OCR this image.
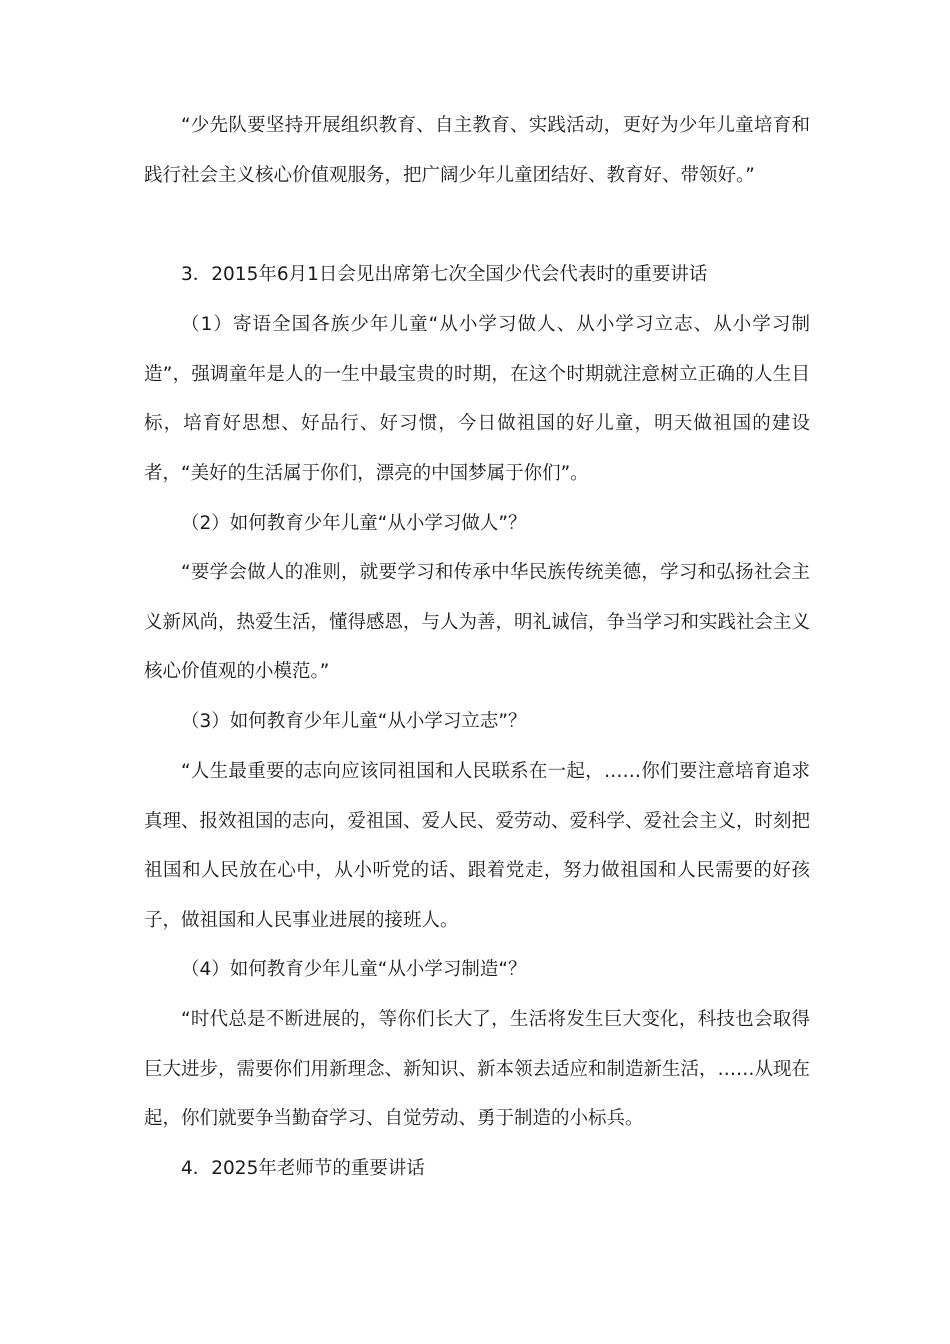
“少先队要坚持开展组织教育、自主教育、实践活动，更好为少年儿童培育和践行社会主义核心价值观服务，把广阔少年儿童团结好、教育好、带领好。”

3．2015年6月1日会见出席第七次全国少代会代表时的重要讲话

（1）寄语全国各族少年儿童“从小学习做人、从小学习立志、从小学习制造”，强调童年是人的一生中最宝贵的时期，在这个时期就注意树立正确的人生目标，培育好思想、好品行、好习惯，今日做祖国的好儿童，明天做祖国的建设者，“美好的生活属于你们，漂亮的中国梦属于你们”。

（2）如何教育少年儿童“从小学习做人”？

“要学会做人的准则，就要学习和传承中华民族传统美德，学习和弘扬社会主义新风尚，热爱生活，懂得感恩，与人为善，明礼诚信，争当学习和实践社会主义核心价值观的小模范。”

（3）如何教育少年儿童“从小学习立志”？

“人生最重要的志向应该同祖国和人民联系在一起，……你们要注意培育追求真理、报效祖国的志向，爱祖国、爱人民、爱劳动、爱科学、爱社会主义，时刻把祖国和人民放在心中，从小听党的话、跟着党走，努力做祖国和人民需要的好孩子，做祖国和人民事业进展的接班人。

（4）如何教育少年儿童“从小学习制造“？

“时代总是不断进展的，等你们长大了，生活将发生巨大变化，科技也会取得巨大进步，需要你们用新理念、新知识、新本领去适应和制造新生活，……从现在起，你们就要争当勤奋学习、自觉劳动、勇于制造的小标兵。

4．2025年老师节的重要讲话
